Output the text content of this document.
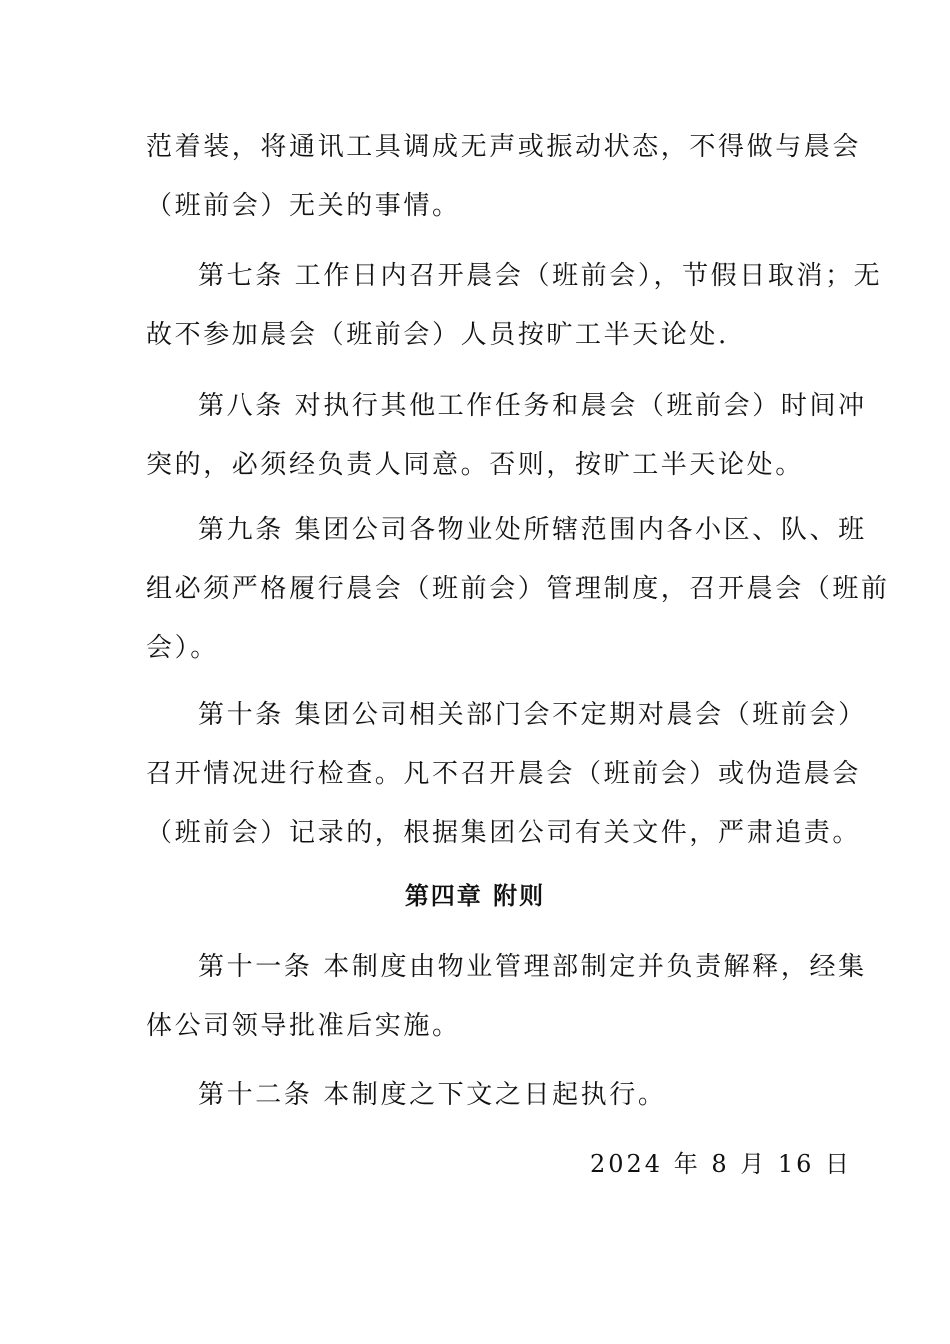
范着装，将通讯工具调成无声或振动状态，不得做与晨会
（班前会）无关的事情。
第七条 工作日内召开晨会（班前会），节假日取消；无
故不参加晨会（班前会）人员按旷工半天论处.
第八条 对执行其他工作任务和晨会（班前会）时间冲
突的，必须经负责人同意。否则，按旷工半天论处。
第九条 集团公司各物业处所辖范围内各小区、队、班
组必须严格履行晨会（班前会）管理制度，召开晨会（班前
会）。
第十条 集团公司相关部门会不定期对晨会（班前会）
召开情况进行检查。凡不召开晨会（班前会）或伪造晨会
（班前会）记录的，根据集团公司有关文件，严肃追责。
第四章 附则
第十一条 本制度由物业管理部制定并负责解释，经集
体公司领导批准后实施。
第十二条 本制度之下文之日起执行。
2024 年 8 月 16 日
